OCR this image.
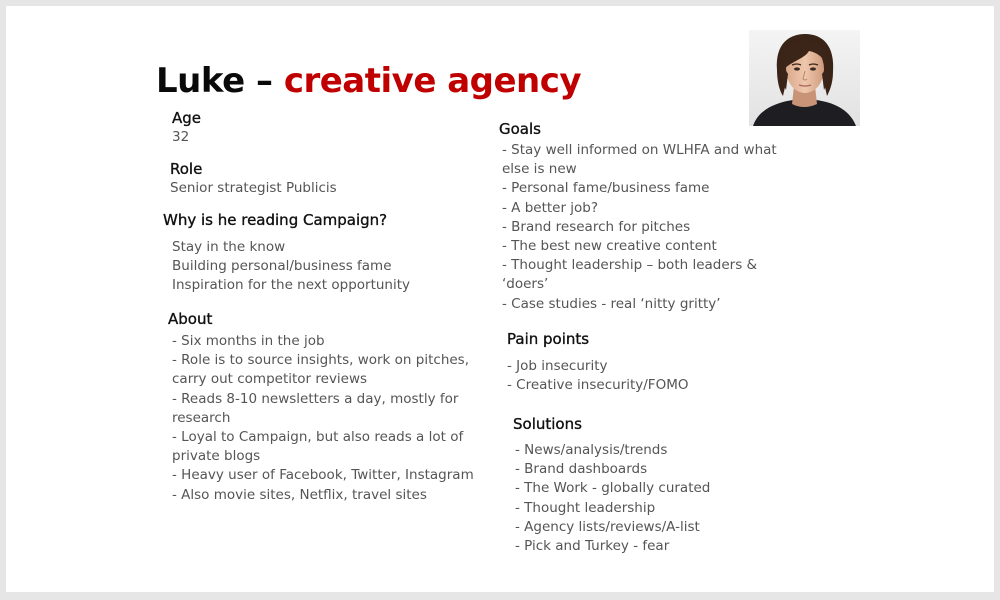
Luke – creative agency
Age
32
Role
Senior strategist Publicis
Why is he reading Campaign?
Stay in the know
Building personal/business fame
Inspiration for the next opportunity
About
- Six months in the job
- Role is to source insights, work on pitches, carry out competitor reviews
- Reads 8-10 newsletters a day, mostly for research
- Loyal to Campaign, but also reads a lot of private blogs
- Heavy user of Facebook, Twitter, Instagram
- Also movie sites, Netflix, travel sites
Goals
- Stay well informed on WLHFA and what else is new
- Personal fame/business fame
- A better job?
- Brand research for pitches
- The best new creative content
- Thought leadership – both leaders & ‘doers’
- Case studies - real ‘nitty gritty’
Pain points
- Job insecurity
- Creative insecurity/FOMO
Solutions
- News/analysis/trends
- Brand dashboards
- The Work - globally curated
- Thought leadership
- Agency lists/reviews/A-list
- Pick and Turkey - fear
